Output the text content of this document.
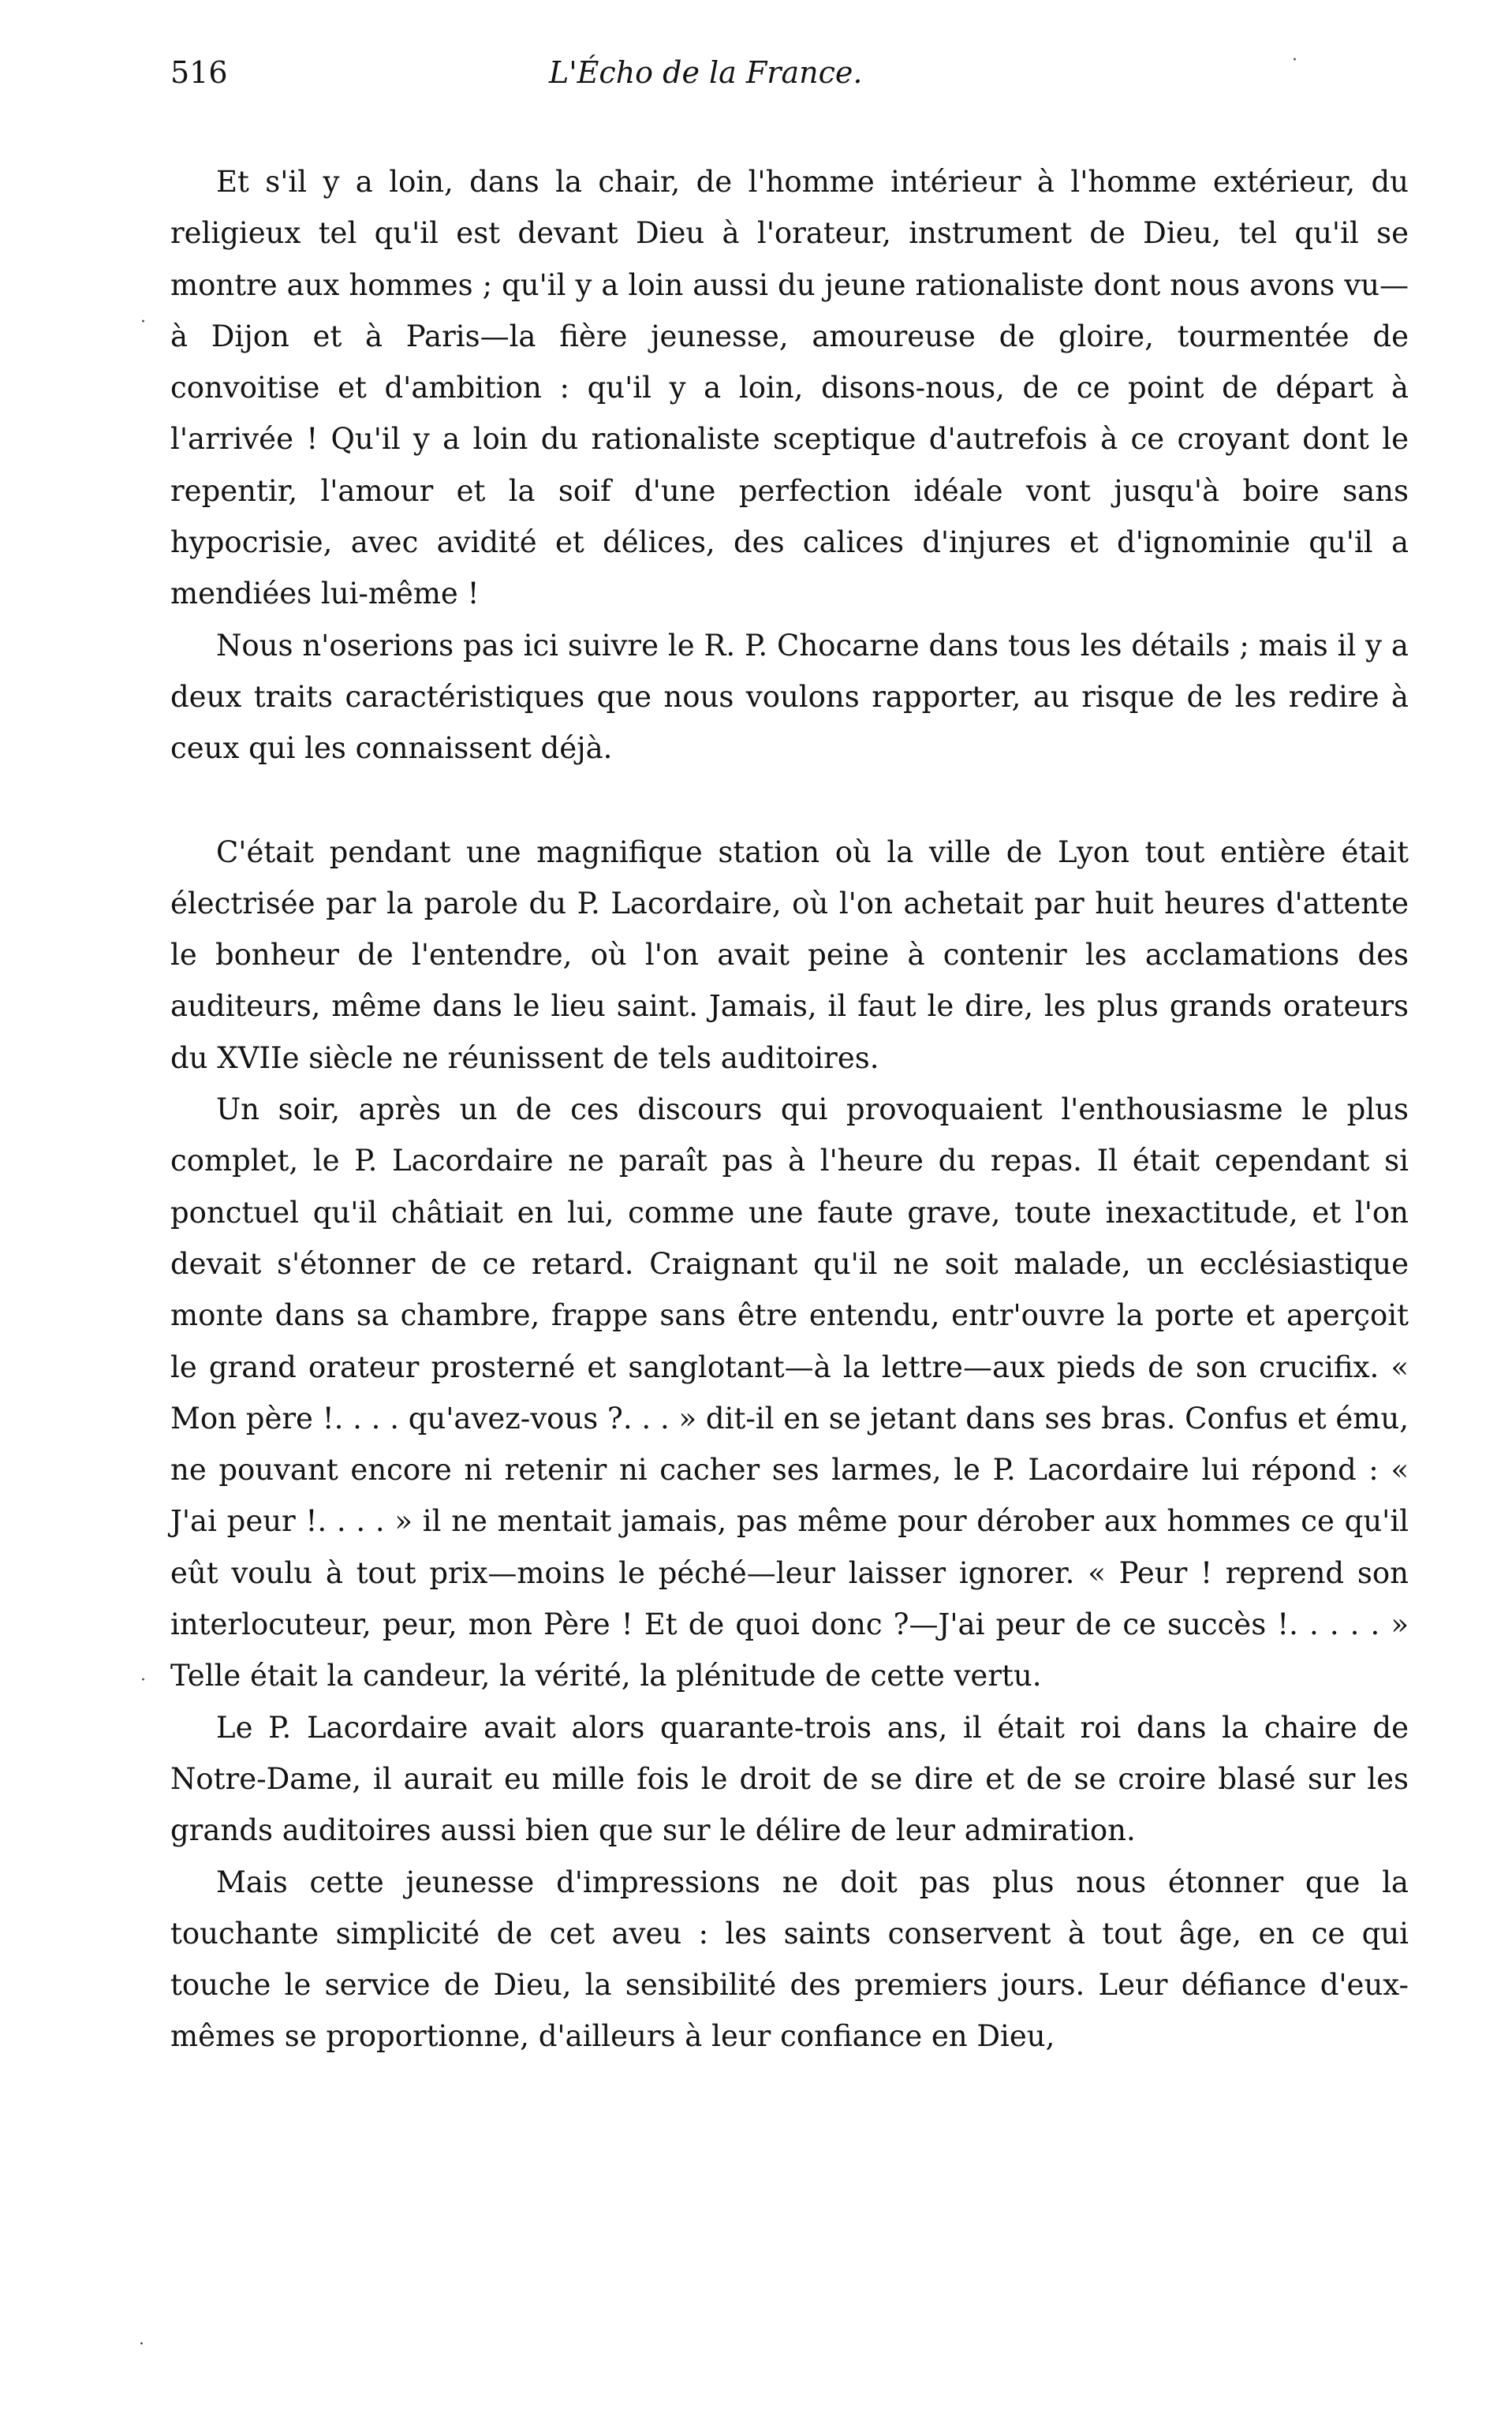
516	L'Écho de la France.

Et s'il y a loin, dans la chair, de l'homme intérieur à l'homme extérieur, du religieux tel qu'il est devant Dieu à l'orateur, instrument de Dieu, tel qu'il se montre aux hommes ; qu'il y a loin aussi du jeune rationaliste dont nous avons vu—à Dijon et à Paris—la fière jeunesse, amoureuse de gloire, tourmentée de convoitise et d'ambition : qu'il y a loin, disons-nous, de ce point de départ à l'arrivée ! Qu'il y a loin du rationaliste sceptique d'autrefois à ce croyant dont le repentir, l'amour et la soif d'une perfection idéale vont jusqu'à boire sans hypocrisie, avec avidité et délices, des calices d'injures et d'ignominie qu'il a mendiées lui-même !

Nous n'oserions pas ici suivre le R. P. Chocarne dans tous les détails ; mais il y a deux traits caractéristiques que nous voulons rapporter, au risque de les redire à ceux qui les connaissent déjà.

C'était pendant une magnifique station où la ville de Lyon tout entière était électrisée par la parole du P. Lacordaire, où l'on achetait par huit heures d'attente le bonheur de l'entendre, où l'on avait peine à contenir les acclamations des auditeurs, même dans le lieu saint. Jamais, il faut le dire, les plus grands orateurs du XVIIe siècle ne réunissent de tels auditoires.

Un soir, après un de ces discours qui provoquaient l'enthousiasme le plus complet, le P. Lacordaire ne paraît pas à l'heure du repas. Il était cependant si ponctuel qu'il châtiait en lui, comme une faute grave, toute inexactitude, et l'on devait s'étonner de ce retard. Craignant qu'il ne soit malade, un ecclésiastique monte dans sa chambre, frappe sans être entendu, entr'ouvre la porte et aperçoit le grand orateur prosterné et sanglotant—à la lettre—aux pieds de son crucifix. « Mon père !. . . . qu'avez-vous ?. . . » dit-il en se jetant dans ses bras. Confus et ému, ne pouvant encore ni retenir ni cacher ses larmes, le P. Lacordaire lui répond : « J'ai peur !. . . . » il ne mentait jamais, pas même pour dérober aux hommes ce qu'il eût voulu à tout prix—moins le péché—leur laisser ignorer. « Peur ! reprend son interlocuteur, peur, mon Père ! Et de quoi donc ?—J'ai peur de ce succès !. . . . . » Telle était la candeur, la vérité, la plénitude de cette vertu.

Le P. Lacordaire avait alors quarante-trois ans, il était roi dans la chaire de Notre-Dame, il aurait eu mille fois le droit de se dire et de se croire blasé sur les grands auditoires aussi bien que sur le délire de leur admiration.

Mais cette jeunesse d'impressions ne doit pas plus nous étonner que la touchante simplicité de cet aveu : les saints conservent à tout âge, en ce qui touche le service de Dieu, la sensibilité des premiers jours. Leur défiance d'eux-mêmes se proportionne, d'ailleurs à leur confiance en Dieu,

·
·
·
·
